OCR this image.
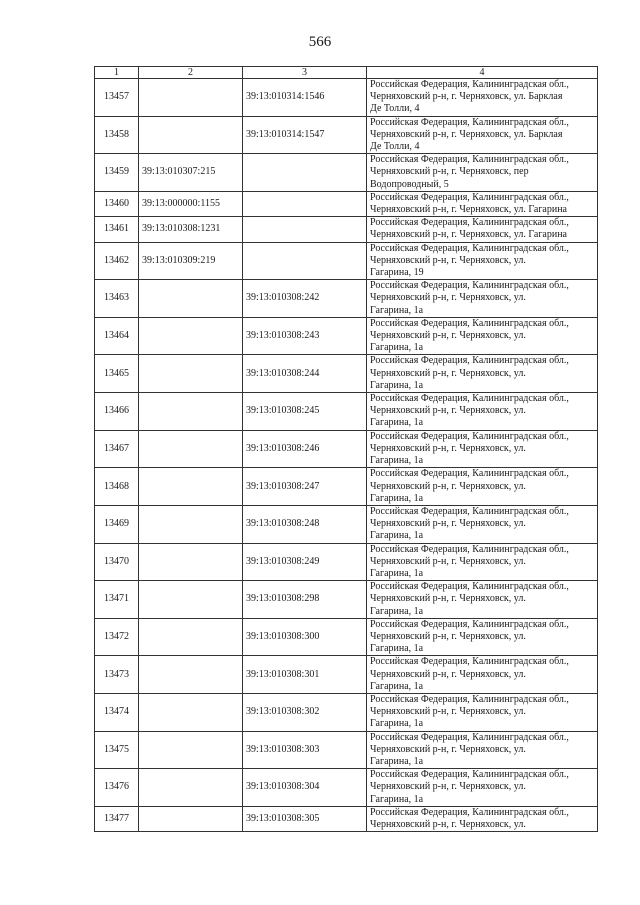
566
1	2	3	4
13457		39:13:010314:1546	Российская Федерация, Калининградская обл.,
Черняховский р-н, г. Черняховск, ул. Барклая
Де Толли, 4

13458		39:13:010314:1547	Российская Федерация, Калининградская обл.,
Черняховский р-н, г. Черняховск, ул. Барклая
Де Толли, 4

13459	39:13:010307:215		Российская Федерация, Калининградская обл.,
Черняховский р-н, г. Черняховск, пер
Водопроводный, 5

13460	39:13:000000:1155		Российская Федерация, Калининградская обл.,
Черняховский р-н, г. Черняховск, ул. Гагарина

13461	39:13:010308:1231		Российская Федерация, Калининградская обл.,
Черняховский р-н, г. Черняховск, ул. Гагарина

13462	39:13:010309:219		Российская Федерация, Калининградская обл.,
Черняховский р-н, г. Черняховск, ул.
Гагарина, 19

13463		39:13:010308:242	Российская Федерация, Калининградская обл.,
Черняховский р-н, г. Черняховск, ул.
Гагарина, 1а

13464		39:13:010308:243	Российская Федерация, Калининградская обл.,
Черняховский р-н, г. Черняховск, ул.
Гагарина, 1а

13465		39:13:010308:244	Российская Федерация, Калининградская обл.,
Черняховский р-н, г. Черняховск, ул.
Гагарина, 1а

13466		39:13:010308:245	Российская Федерация, Калининградская обл.,
Черняховский р-н, г. Черняховск, ул.
Гагарина, 1а

13467		39:13:010308:246	Российская Федерация, Калининградская обл.,
Черняховский р-н, г. Черняховск, ул.
Гагарина, 1а

13468		39:13:010308:247	Российская Федерация, Калининградская обл.,
Черняховский р-н, г. Черняховск, ул.
Гагарина, 1а

13469		39:13:010308:248	Российская Федерация, Калининградская обл.,
Черняховский р-н, г. Черняховск, ул.
Гагарина, 1а

13470		39:13:010308:249	Российская Федерация, Калининградская обл.,
Черняховский р-н, г. Черняховск, ул.
Гагарина, 1а

13471		39:13:010308:298	Российская Федерация, Калининградская обл.,
Черняховский р-н, г. Черняховск, ул.
Гагарина, 1а

13472		39:13:010308:300	Российская Федерация, Калининградская обл.,
Черняховский р-н, г. Черняховск, ул.
Гагарина, 1а

13473		39:13:010308:301	Российская Федерация, Калининградская обл.,
Черняховский р-н, г. Черняховск, ул.
Гагарина, 1а

13474		39:13:010308:302	Российская Федерация, Калининградская обл.,
Черняховский р-н, г. Черняховск, ул.
Гагарина, 1а

13475		39:13:010308:303	Российская Федерация, Калининградская обл.,
Черняховский р-н, г. Черняховск, ул.
Гагарина, 1а

13476		39:13:010308:304	Российская Федерация, Калининградская обл.,
Черняховский р-н, г. Черняховск, ул.
Гагарина, 1а

13477		39:13:010308:305	Российская Федерация, Калининградская обл.,
Черняховский р-н, г. Черняховск, ул.
